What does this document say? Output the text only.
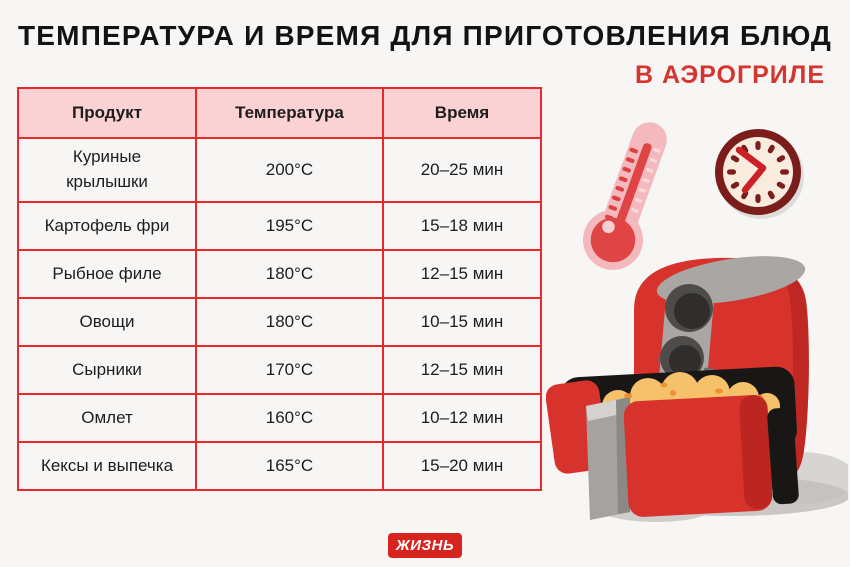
ТЕМПЕРАТУРА И ВРЕМЯ ДЛЯ ПРИГОТОВЛЕНИЯ БЛЮД
В АЭРОГРИЛЕ
Продукт	Температура	Время
Куриные крылышки	200°C	20–25 мин
Картофель фри	195°C	15–18 мин
Рыбное филе	180°C	12–15 мин
Овощи	180°C	10–15 мин
Сырники	170°C	12–15 мин
Омлет	160°C	10–12 мин
Кексы и выпечка	165°C	15–20 мин
ЖИЗНЬ
